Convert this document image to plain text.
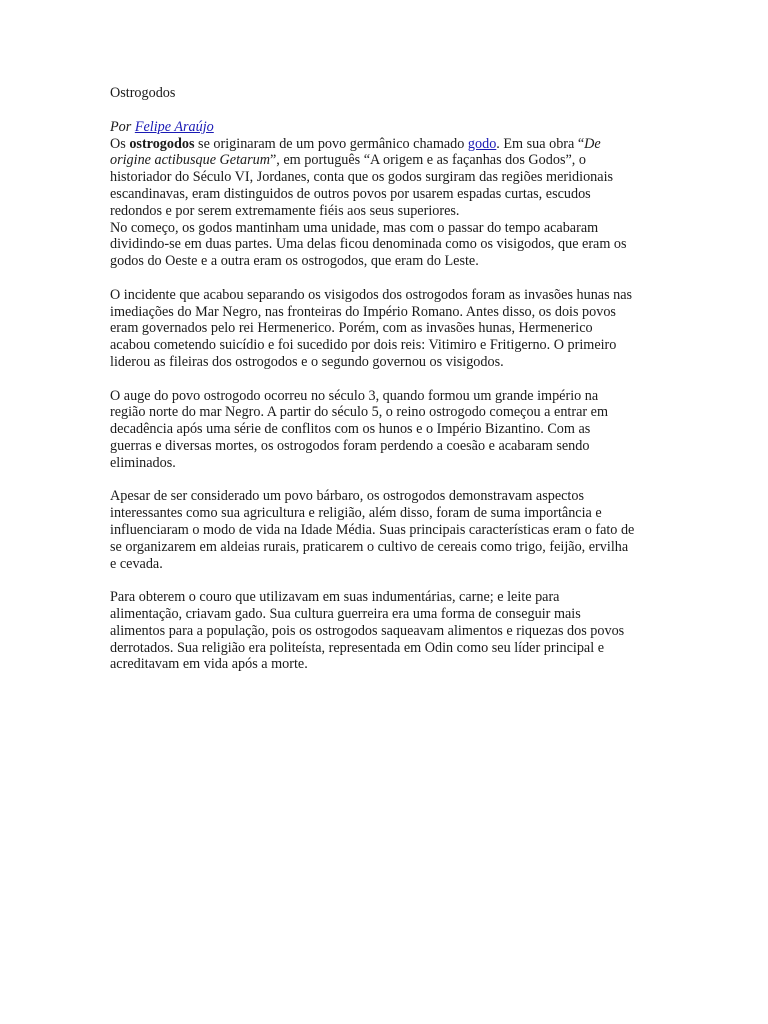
Ostrogodos

Por Felipe Araújo

Os ostrogodos se originaram de um povo germânico chamado godo. Em sua obra “De origine actibusque Getarum”, em português “A origem e as façanhas dos Godos”, o historiador do Século VI, Jordanes, conta que os godos surgiram das regiões meridionais escandinavas, eram distinguidos de outros povos por usarem espadas curtas, escudos redondos e por serem extremamente fiéis aos seus superiores.

No começo, os godos mantinham uma unidade, mas com o passar do tempo acabaram dividindo-se em duas partes. Uma delas ficou denominada como os visigodos, que eram os godos do Oeste e a outra eram os ostrogodos, que eram do Leste.

O incidente que acabou separando os visigodos dos ostrogodos foram as invasões hunas nas imediações do Mar Negro, nas fronteiras do Império Romano. Antes disso, os dois povos eram governados pelo rei Hermenerico. Porém, com as invasões hunas, Hermenerico acabou cometendo suicídio e foi sucedido por dois reis: Vitimiro e Fritigerno. O primeiro liderou as fileiras dos ostrogodos e o segundo governou os visigodos.

O auge do povo ostrogodo ocorreu no século 3, quando formou um grande império na região norte do mar Negro. A partir do século 5, o reino ostrogodo começou a entrar em decadência após uma série de conflitos com os hunos e o Império Bizantino. Com as guerras e diversas mortes, os ostrogodos foram perdendo a coesão e acabaram sendo eliminados.

Apesar de ser considerado um povo bárbaro, os ostrogodos demonstravam aspectos interessantes como sua agricultura e religião, além disso, foram de suma importância e influenciaram o modo de vida na Idade Média. Suas principais características eram o fato de se organizarem em aldeias rurais, praticarem o cultivo de cereais como trigo, feijão, ervilha e cevada.

Para obterem o couro que utilizavam em suas indumentárias, carne; e leite para alimentação, criavam gado. Sua cultura guerreira era uma forma de conseguir mais alimentos para a população, pois os ostrogodos saqueavam alimentos e riquezas dos povos derrotados. Sua religião era politeísta, representada em Odin como seu líder principal e acreditavam em vida após a morte.
